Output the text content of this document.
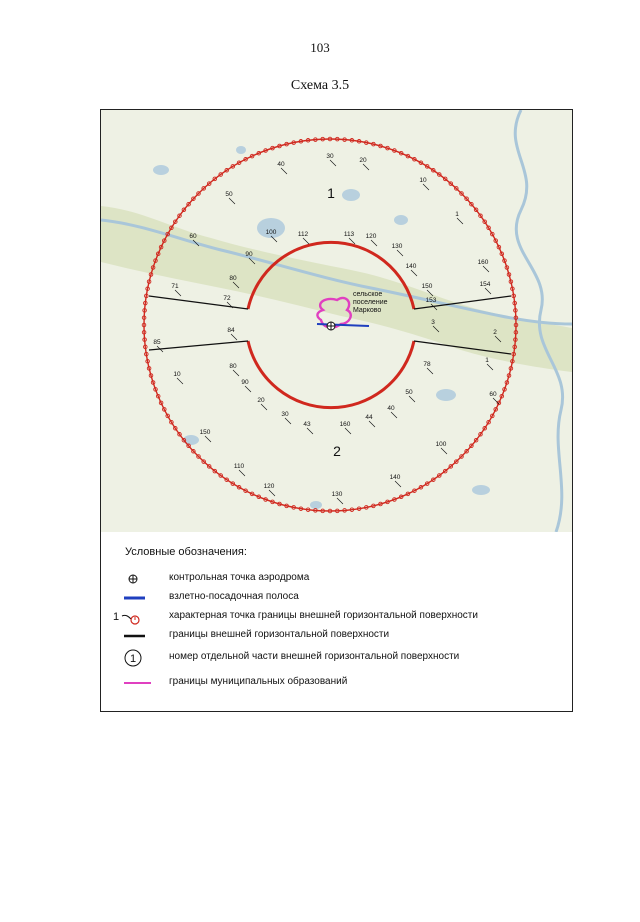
103
Схема 3.5
сельское
поселение
Марково
1
2
30
20
40
10
50
1
60
100	112	113 120
130
90
140
160
80
71	154
72
150
153
3
84	2
85
80
1
10
90
78
60
20
50
30
40
44
43	160
100
150
110
140
120
130
Условные обозначения:
контрольная точка аэродрома
взлетно-посадочная полоса
1	характерная точка границы внешней горизонтальной поверхности
границы внешней горизонтальной поверхности
1	номер отдельной части внешней горизонтальной поверхности
границы муниципальных образований
